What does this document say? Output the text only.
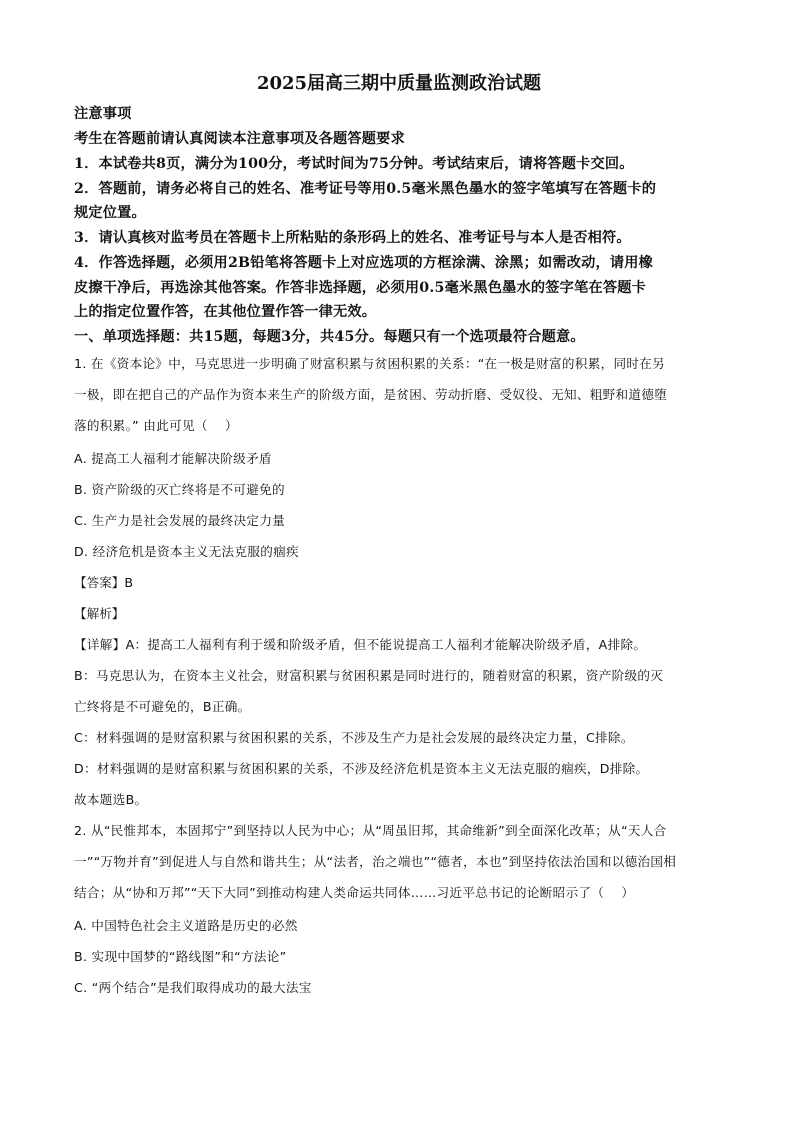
2025届高三期中质量监测政治试题
注意事项
考生在答题前请认真阅读本注意事项及各题答题要求
1．本试卷共8页，满分为100分，考试时间为75分钟。考试结束后，请将答题卡交回。
2．答题前，请务必将自己的姓名、准考证号等用0.5毫米黑色墨水的签字笔填写在答题卡的
规定位置。
3．请认真核对监考员在答题卡上所粘贴的条形码上的姓名、准考证号与本人是否相符。
4．作答选择题，必须用2B铅笔将答题卡上对应选项的方框涂满、涂黑；如需改动，请用橡
皮擦干净后，再选涂其他答案。作答非选择题，必须用0.5毫米黑色墨水的签字笔在答题卡
上的指定位置作答，在其他位置作答一律无效。
一、单项选择题：共15题，每题3分，共45分。每题只有一个选项最符合题意。
1. 在《资本论》中，马克思进一步明确了财富积累与贫困积累的关系：“在一极是财富的积累，同时在另
一极，即在把自己的产品作为资本来生产的阶级方面，是贫困、劳动折磨、受奴役、无知、粗野和道德堕
落的积累。” 由此可见（　 ）
A. 提高工人福利才能解决阶级矛盾
B. 资产阶级的灭亡终将是不可避免的
C. 生产力是社会发展的最终决定力量
D. 经济危机是资本主义无法克服的痼疾
【答案】B
【解析】
【详解】A：提高工人福利有利于缓和阶级矛盾，但不能说提高工人福利才能解决阶级矛盾，A排除。
B：马克思认为，在资本主义社会，财富积累与贫困积累是同时进行的，随着财富的积累，资产阶级的灭
亡终将是不可避免的，B正确。
C：材料强调的是财富积累与贫困积累的关系，不涉及生产力是社会发展的最终决定力量，C排除。
D：材料强调的是财富积累与贫困积累的关系，不涉及经济危机是资本主义无法克服的痼疾，D排除。
故本题选B。
2. 从“民惟邦本，本固邦宁”到坚持以人民为中心；从“周虽旧邦，其命维新”到全面深化改革；从“天人合
一”“万物并育”到促进人与自然和谐共生；从“法者，治之端也”“德者，本也”到坚持依法治国和以德治国相
结合；从“协和万邦”“天下大同”到推动构建人类命运共同体……习近平总书记的论断昭示了（　 ）
A. 中国特色社会主义道路是历史的必然
B. 实现中国梦的“路线图”和“方法论”
C. “两个结合”是我们取得成功的最大法宝
